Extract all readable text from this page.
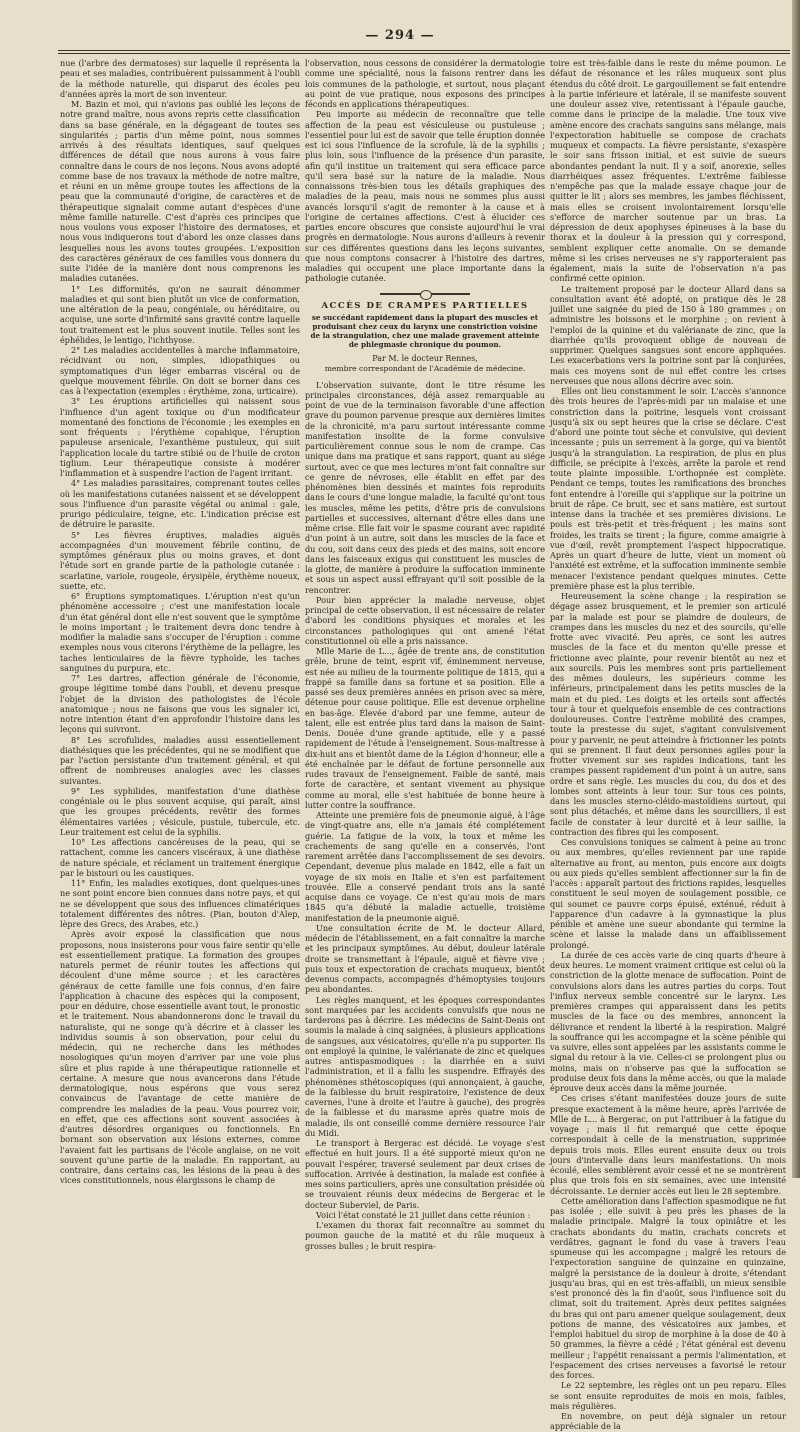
— 294 —

nue (l'arbre des dermatoses) sur laquelle il représenta la peau et ses maladies, contribuèrent puissamment à l'oubli de la méthode naturelle, qui disparut des écoles peu d'années après la mort de son inventeur.

M. Bazin et moi, qui n'avions pas oublié les leçons de notre grand maître, nous avons repris cette classification dans sa base générale, en la dégageant de toutes ses singularités ; partis d'un même point, nous sommes arrivés à des résultats identiques, sauf quelques différences de détail que nous aurons à vous faire connaître dans le cours de nos leçons. Nous avons adopté comme base de nos travaux la méthode de notre maître, et réuni en un même groupe toutes les affections de la peau que la communauté d'origine, de caractères et de thérapeutique signalait comme autant d'espèces d'une même famille naturelle. C'est d'après ces principes que nous voulons vous exposer l'histoire des dermatoses, et nous vous indiquerons tout d'abord les onze classes dans lesquelles nous les avons toutes groupées. L'exposition des caractères généraux de ces familles vous donnera du suite l'idée de la manière dont nous comprenons les maladies cutanées.

1° Les difformités, qu'on ne saurait dénommer maladies et qui sont bien plutôt un vice de conformation, une altération de la peau, congéniale, ou héréditaire, ou acquise, une sorte d'infirmité sans gravité contre laquelle tout traitement est le plus souvent inutile. Telles sont les éphélides, le lentigo, l'ichthyose.

2° Les maladies accidentelles à marche inflammatoire, récidivant ou non, simples, idiopathiques ou symptomatiques d'un léger embarras viscéral ou de quelque mouvement fébrile. On doit se borner dans ces cas à l'expectation (exemples : érythème, zona, urticaire).

3° Les éruptions artificielles qui naissent sous l'influence d'un agent toxique ou d'un modificateur momentané des fonctions de l'économie ; les exemples en sont fréquents : l'érythème copahique, l'éruption papuleuse arsenicale, l'exanthème pustuleux, qui suit l'application locale du tartre stibié ou de l'huile de croton tiglium. Leur thérapeutique consiste à modérer l'inflammation et à suspendre l'action de l'agent irritant.

4° Les maladies parasitaires, comprenant toutes celles où les manifestations cutanées naissent et se développent sous l'influence d'un parasite végétal ou animal : gale, prurigo pédiculaire, teigne, etc. L'indication précise est de détruire le parasite.

5° Les fièvres éruptives, maladies aiguës accompagnées d'un mouvement fébrile continu, de symptômes généraux plus ou moins graves, et dont l'étude sort en grande partie de la pathologie cutanée : scarlatine, variole, rougeole, érysipèle, érythème noueux, suette, etc.

6° Éruptions symptomatiques. L'éruption n'est qu'un phénomène accessoire ; c'est une manifestation locale d'un état général dont elle n'est souvent que le symptôme le moins important ; le traitement devra donc tendre à modifier la maladie sans s'occuper de l'éruption : comme exemples nous vous citerons l'érythème de la pellagre, les taches lenticulaires de la fièvre typhoïde, les taches sanguines du purpura, etc.

7° Les dartres, affection générale de l'économie, groupe légitime tombé dans l'oubli, et devenu presque l'objet de la division des pathologistes de l'école anatomique ; nous ne faisons que vous les signaler ici, notre intention étant d'en approfondir l'histoire dans les leçons qui suivront.

8° Les scrofulides, maladies aussi essentiellement diathésiques que les précédentes, qui ne se modifient que par l'action persistante d'un traitement général, et qui offrent de nombreuses analogies avec les classes suivantes.

9° Les syphilides, manifestation d'une diathèse congéniale ou le plus souvent acquise, qui paraît, ainsi que les groupes précédents, revêtir des formes élémentaires variées ; vésicule, pustule, tubercule, etc. Leur traitement est celui de la syphilis.

10° Les affections cancéreuses de la peau, qui se rattachent, comme les cancers viscéraux, à une diathèse de nature spéciale, et réclament un traitement énergique par le bistouri ou les caustiques.

11° Enfin, les maladies exotiques, dont quelques-unes ne sont point encore bien connues dans notre pays, et qui ne se développent que sous des influences climatériques totalement différentes des nôtres. (Pian, bouton d'Alep, lèpre des Grecs, des Arabes, etc.)

Après avoir exposé la classification que nous proposons, nous insisterons pour vous faire sentir qu'elle est essentiellement pratique. La formation des groupes naturels permet de réunir toutes les affections qui découlent d'une même source ; et les caractères généraux de cette famille une fois connus, d'en faire l'application à chacune des espèces qui la composent, pour en déduire, chose essentielle avant tout, le pronostic et le traitement. Nous abandonnerons donc le travail du naturaliste, qui ne songe qu'à décrire et à classer les individus soumis à son observation, pour celui du médecin, qui ne recherche dans les méthodes nosologiques qu'un moyen d'arriver par une voie plus sûre et plus rapide à une thérapeutique rationnelle et certaine. A mesure que nous avancerons dans l'étude dermatologique, nous espérons que vous serez convaincus de l'avantage de cette manière de comprendre les maladies de la peau. Vous pourrez voir, en effet, que ces affections sont souvent associées à d'autres désordres organiques ou fonctionnels. En bornant son observation aux lésions externes, comme l'avaient fait les partisans de l'école anglaise, on ne voit souvent qu'une partie de la maladie. En rapportant, au contraire, dans certains cas, les lésions de la peau à des vices constitutionnels, nous élargissons le champ de

l'observation, nous cessons de considérer la dermatologie comme une spécialité, nous la faisons rentrer dans les lois communes de la pathologie, et surtout, nous plaçant au point de vue pratique, nous exposons des principes féconds en applications thérapeutiques.

Peu importe au médecin de reconnaître que telle affection de la peau est vésiculeuse ou pustuleuse ; l'essentiel pour lui est de savoir que telle éruption donnée est ici sous l'influence de la scrofule, là de la syphilis ; plus loin, sous l'influence de la présence d'un parasite, afin qu'il institue un traitement qui sera efficace parce qu'il sera basé sur la nature de la maladie. Nous connaissons très-bien tous les détails graphiques des maladies de la peau, mais nous ne sommes plus aussi avancés lorsqu'il s'agit de remonter à la cause et à l'origine de certaines affections. C'est à élucider ces parties encore obscures que consiste aujourd'hui le vrai progrès en dermatologie. Nous aurons d'ailleurs à revenir sur ces différentes questions dans les leçons suivantes, que nous comptons consacrer à l'histoire des dartres, maladies qui occupent une place importante dans la pathologie cutanée.

ACCÈS DE CRAMPES PARTIELLES
se succédant rapidement dans la plupart des muscles et produisant chez ceux du larynx une constriction voisine de la strangulation, chez une malade gravement atteinte de phlegmasie chronique du poumon.
Par M. le docteur Rennes,
membre correspondant de l'Académie de médecine.

L'observation suivante, dont le titre résume les principales circonstances, déjà assez remarquable au point de vue de la terminaison favorable d'une affection grave du poumon parvenue presque aux dernières limites de la chronicité, m'a paru surtout intéressante comme manifestation insolite de la forme convulsive particulièrement connue sous le nom de crampe. Cas unique dans ma pratique et sans rapport, quant au siége surtout, avec ce que mes lectures m'ont fait connaître sur ce genre de névroses, elle établit en effet par des phénomènes bien dessinés et maintes fois reproduits dans le cours d'une longue maladie, la faculté qu'ont tous les muscles, même les petits, d'être pris de convulsions partielles et successives, alternant d'être elles dans une même crise. Elle fait voir le spasme courant avec rapidité d'un point à un autre, soit dans les muscles de la face et du cou, soit dans ceux des pieds et des mains, soit encore dans les faisceaux exigus qui constituent les muscles de la glotte, de manière à produire la suffocation imminente et sous un aspect aussi effrayant qu'il soit possible de la rencontrer.

Pour bien apprécier la maladie nerveuse, objet principal de cette observation, il est nécessaire de relater d'abord les conditions physiques et morales et les circonstances pathologiques qui ont amené l'état constitutionnel où elle a pris naissance.

Mlle Marie de L..., âgée de trente ans, de constitution grêle, brune de teint, esprit vif, éminemment nerveuse, est née au milieu de la tourmente politique de 1815, qui a frappé sa famille dans sa fortune et sa position. Elle a passé ses deux premières années en prison avec sa mère, détenue pour cause politique. Elle est devenue orpheline en bas-âge. Élevée d'abord par une femme, auteur de talent, elle est entrée plus tard dans la maison de Saint-Denis. Douée d'une grande aptitude, elle y a passé rapidement de l'étude à l'enseignement. Sous-maîtresse à dix-huit ans et bientôt dame de la Légion d'honneur, elle a été enchaînée par le défaut de fortune personnelle aux rudes travaux de l'enseignement. Faible de santé, mais forte de caractère, et sentant vivement au physique comme au moral, elle s'est habituée de bonne heure à lutter contre la souffrance.

Atteinte une première fois de pneumonie aiguë, à l'âge de vingt-quatre ans, elle n'a jamais été complétement guérie. La fatigue de la voix, la toux et même les crachements de sang qu'elle en a conservés, l'ont rarement arrêtée dans l'accomplissement de ses devoirs. Cependant, devenue plus malade en 1842, elle a fait un voyage de six mois en Italie et s'en est parfaitement trouvée. Elle a conservé pendant trois ans la santé acquise dans ce voyage. Ce n'est qu'au mois de mars 1845 qu'a débuté la maladie actuelle, troisième manifestation de la pneumonie aiguë.

Une consultation écrite de M. le docteur Allard, médecin de l'établissement, en a fait connaître la marche et les principaux symptômes. Au début, douleur latérale droite se transmettant à l'épaule, aiguë et fièvre vive ; puis toux et expectoration de crachats muqueux, bientôt devenus compacts, accompagnés d'hémoptysies toujours peu abondantes.

Les règles manquent, et les époques correspondantes sont marquées par les accidents convulsifs que nous ne tarderons pas à décrire. Les médecins de Saint-Denis ont soumis la malade à cinq saignées, à plusieurs applications de sangsues, aux vésicatoires, qu'elle n'a pu supporter. Ils ont employé la quinine, le valérianate de zinc et quelques autres antispasmodiques : la diarrhée en a suivi l'administration, et il a fallu les suspendre. Effrayés des phénomènes sthétoscopiques (qui annonçaient, à gauche, de la faiblesse du bruit respiratoire, l'existence de deux cavernes, l'une à droite et l'autre à gauche), des progrès de la faiblesse et du marasme après quatre mois de maladie, ils ont conseillé comme dernière ressource l'air du Midi.

Le transport à Bergerac est décidé. Le voyage s'est effectué en huit jours. Il a été supporté mieux qu'on ne pouvait l'espérer, traversé seulement par deux crises de suffocation. Arrivée à destination, la malade est confiée à mes soins particuliers, après une consultation présidée où se trouvaient réunis deux médecins de Bergerac et le docteur Suberviel, de Paris.

Voici l'état constaté le 21 juillet dans cette réunion :

L'examen du thorax fait reconnaître au sommet du poumon gauche de la matité et du râle muqueux à grosses bulles ; le bruit respira-

toire est très-faible dans le reste du même poumon. Le défaut de résonance et les râles muqueux sont plus étendus du côté droit. Le gargouillement se fait entendre à la partie inférieure et latérale, il se manifeste souvent une douleur assez vive, retentissant à l'épaule gauche, comme dans le principe de la maladie. Une toux vive amène encore des crachats sanguins sans mélange, mais l'expectoration habituelle se compose de crachats muqueux et compacts. La fièvre persistante, s'exaspère le soir sans frisson initial, et est suivie de sueurs abondantes pendant la nuit. Il y a soif, anorexie, selles diarrhéiques assez fréquentes. L'extrême faiblesse n'empêche pas que la malade essaye chaque jour de quitter le lit ; alors ses membres, les jambes fléchissent, mais elles se croisent involontairement lorsqu'elle s'efforce de marcher soutenue par un bras. La dépression de deux apophyses épineuses à la base du thorax et la douleur à la pression qui y correspond, semblent expliquer cette anomalie. On se demande même si les crises nerveuses ne s'y rapporteraient pas également, mais la suite de l'observation n'a pas confirmé cette opinion.

Le traitement proposé par le docteur Allard dans sa consultation avant été adopté, on pratique dès le 28 juillet une saignée du pied de 150 à 180 grammes ; on administre les boissons et le morphine ; on revient à l'emploi de la quinine et du valérianate de zinc, que la diarrhée qu'ils provoquent oblige de nouveau de supprimer. Quelques sangsues sont encore appliquées. Les exacerbations vers la poitrine sont par là conjurées, mais ces moyens sont de nul effet contre les crises nerveuses que nous allons décrire avec soin.

Elles ont lieu constamment le soir. L'accès s'annonce dès trois heures de l'après-midi par un malaise et une constriction dans la poitrine, lesquels vont croissant jusqu'à six ou sept heures que la crise se déclare. C'est d'abord une pointe tout sèche et convulsive, qui devient incessante ; puis un serrement à la gorge, qui va bientôt jusqu'à la strangulation. La respiration, de plus en plus difficile, se précipite à l'excès, arrête la parole et rend toute plainte impossible. L'orthopnée est complète. Pendant ce temps, toutes les ramifications des bronches font entendre à l'oreille qui s'applique sur la poitrine un bruit de râpe. Ce bruit, sec et sans matière, est surtout intense dans la trachée et ses premières divisions. Le pouls est très-petit et très-fréquent ; les mains sont froides, les traits se tirent ; la figure, comme amaigrie à vue d'œil, revêt promptement l'aspect hippocratique. Après un quart d'heure de lutte, vient un moment où l'anxiété est extrême, et la suffocation imminente semble menacer l'existence pendant quelques minutes. Cette première phase est la plus terrible.

Heureusement la scène change ; la respiration se dégage assez brusquement, et le premier son articulé par la malade est pour se plaindre de douleurs, de crampes dans les muscles du nez et des sourcils, qu'elle frotte avec vivacité. Peu après, ce sont les autres muscles de la face et du menton qu'elle presse et frictionne avec plainte, pour revenir bientôt au nez et aux sourcils. Puis les membres sont pris partiellement des mêmes douleurs, les supérieurs comme les inférieurs, principalement dans les petits muscles de la main et du pied. Les doigts et les orteils sont affectés tour à tour et quelquefois ensemble de ces contractions douloureuses. Contre l'extrême mobilité des crampes, toute la prestesse du sujet, s'agitant convulsivement pour y parvenir, ne peut atteindre à frictionner les points qui se prennent. Il faut deux personnes agiles pour la frotter vivement sur ses rapides indications, tant les crampes passent rapidement d'un point à un autre, sans ordre et sans règle. Les muscles du cou, du dos et des lombes sont atteints à leur tour. Sur tous ces points, dans les muscles sterno-cléido-mastoïdiens surtout, qui sont plus détachés, et même dans les sourcilliers, il est facile de constater à leur durcité et à leur saillie, la contraction des fibres qui les composent.

Ces convulsions toniques se calment à peine au tronc ou aux membres, qu'elles reviennent par une rapide alternative au front, au menton, puis encore aux doigts ou aux pieds qu'elles semblent affectionner sur la fin de l'accès : apparaît partout des frictions rapides, lesquelles constituent le seul moyen de soulagement possible, ce qui soumet ce pauvre corps épuisé, exténué, réduit à l'apparence d'un cadavre à la gymnastique la plus pénible et amène une sueur abondante qui termine la scène et laisse la malade dans un affaiblissement prolongé.

La durée de ces accès varie de cinq quarts d'heure à deux heures. Le moment vraiment critique est celui où la constriction de la glotte menace de suffocation. Point de convulsions alors dans les autres parties du corps. Tout l'influx nerveux semble concentré sur le larynx. Les premières crampes qui apparaissent dans les petits muscles de la face ou des membres, annoncent la délivrance et rendent la liberté à la respiration. Malgré la souffrance qui les accompagne et la scène pénible qui va suivre, elles sont appelées par les assistants comme le signal du retour à la vie. Celles-ci se prolongent plus ou moins, mais on n'observe pas que la suffocation se produise deux fois dans la même accès, ou que la malade éprouve deux accès dans la même journée.

Ces crises s'étant manifestées douze jours de suite presque exactement à la même heure, après l'arrivée de Mlle de L... à Bergerac, on put l'attribuer à la fatigue du voyage ; mais il fut remarqué que cette époque correspondait à celle de la menstruation, supprimée depuis trois mois. Elles eurent ensuite deux ou trois jours d'intervalle dans leurs manifestations. Un mois écoulé, elles semblèrent avoir cessé et ne se montrèrent plus que trois fois en six semaines, avec une intensité décroissante. Le dernier accès eut lieu le 28 septembre.

Cette amélioration dans l'affection spasmodique ne fut pas isolée ; elle suivit à peu près les phases de la maladie principale. Malgré la toux opiniâtre et les crachats abondants du matin, crachats concrets et verdâtres, gagnant le fond du vase à travers l'eau spumeuse qui les accompagne ; malgré les retours de l'expectoration sanguine de quinzaine en quinzaine, malgré la persistance de la douleur à droite, s'étendant jusqu'au bras, qui en est très-affaibli, un mieux sensible s'est prononcé dès la fin d'août, sous l'influence soit du climat, soit du traitement. Après deux petites saignées du bras qui ont paru amener quelque soulagement, deux potions de manne, des vésicatoires aux jambes, et l'emploi habituel du sirop de morphine à la dose de 40 à 50 grammes, la fièvre a cédé ; l'état général est devenu meilleur ; l'appétit renaissant a permis l'alimentation, et l'espacement des crises nerveuses a favorisé le retour des forces.

Le 22 septembre, les règles ont un peu reparu. Elles se sont ensuite reproduites de mois en mois, faibles, mais régulières.

En novembre, on peut déjà signaler un retour appréciable de la
